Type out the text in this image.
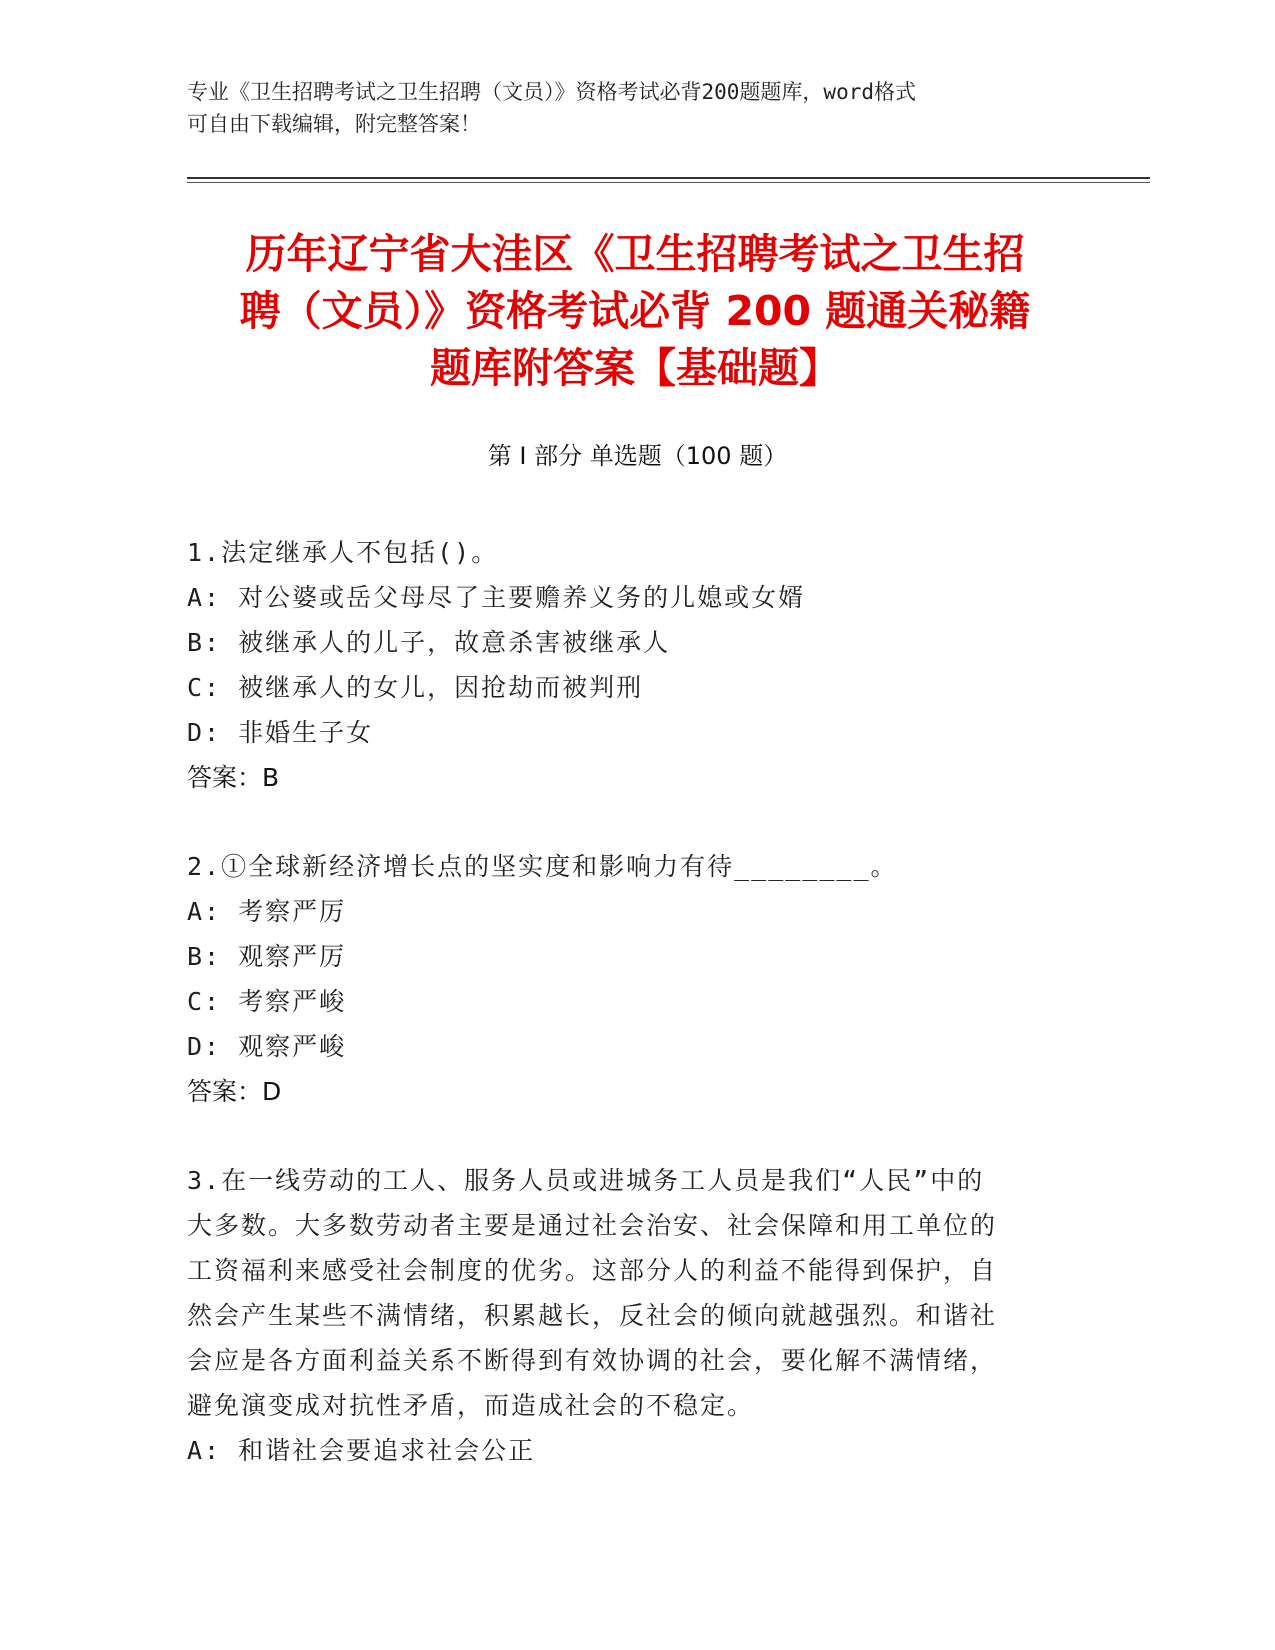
专业《卫生招聘考试之卫生招聘（文员）》资格考试必背200题题库，word格式
可自由下载编辑，附完整答案！
历年辽宁省大洼区《卫生招聘考试之卫生招
聘（文员）》资格考试必背 200 题通关秘籍
题库附答案【基础题】
第 I 部分 单选题（100 题）
1.法定继承人不包括()。
A: 对公婆或岳父母尽了主要赡养义务的儿媳或女婿
B: 被继承人的儿子，故意杀害被继承人
C: 被继承人的女儿，因抢劫而被判刑
D: 非婚生子女
答案：B
2.①全球新经济增长点的坚实度和影响力有待________。
A: 考察严厉
B: 观察严厉
C: 考察严峻
D: 观察严峻
答案：D
3.在一线劳动的工人、服务人员或进城务工人员是我们“人民”中的
大多数。大多数劳动者主要是通过社会治安、社会保障和用工单位的
工资福利来感受社会制度的优劣。这部分人的利益不能得到保护，自
然会产生某些不满情绪，积累越长，反社会的倾向就越强烈。和谐社
会应是各方面利益关系不断得到有效协调的社会，要化解不满情绪，
避免演变成对抗性矛盾，而造成社会的不稳定。
A: 和谐社会要追求社会公正
